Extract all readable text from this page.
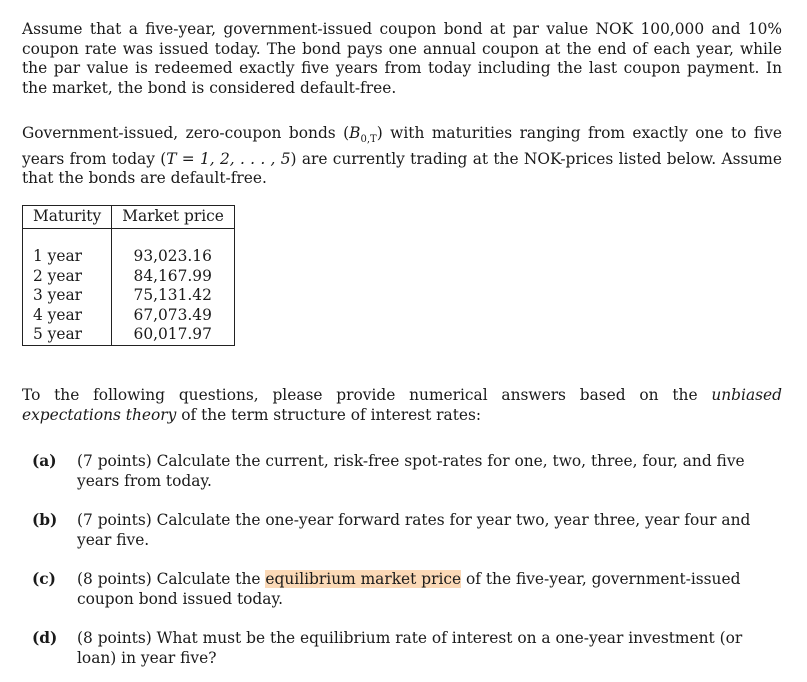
Assume that a five-year, government-issued coupon bond at par value NOK 100,000 and 10% coupon rate was issued today. The bond pays one annual coupon at the end of each year, while the par value is redeemed exactly five years from today including the last coupon payment. In the market, the bond is considered default-free.

Government-issued, zero-coupon bonds $(B_{0,T})$ with maturities ranging from exactly one to five years from today (T = 1, 2, . . . , 5) are currently trading at the NOK-prices listed below. Assume that the bonds are default-free.

Maturity	Market price

1 year	93,023.16
2 year	84,167.99
3 year	75,131.42
4 year	67,073.49
5 year	60,017.97

To the following questions, please provide numerical answers based on the unbiased expectations theory of the term structure of interest rates:

(a) (7 points) Calculate the current, risk-free spot-rates for one, two, three, four, and five years from today.
(b) (7 points) Calculate the one-year forward rates for year two, year three, year four and year five.
(c) (8 points) Calculate the equilibrium market price of the five-year, government-issued coupon bond issued today.
(d) (8 points) What must be the equilibrium rate of interest on a one-year investment (or loan) in year five?
